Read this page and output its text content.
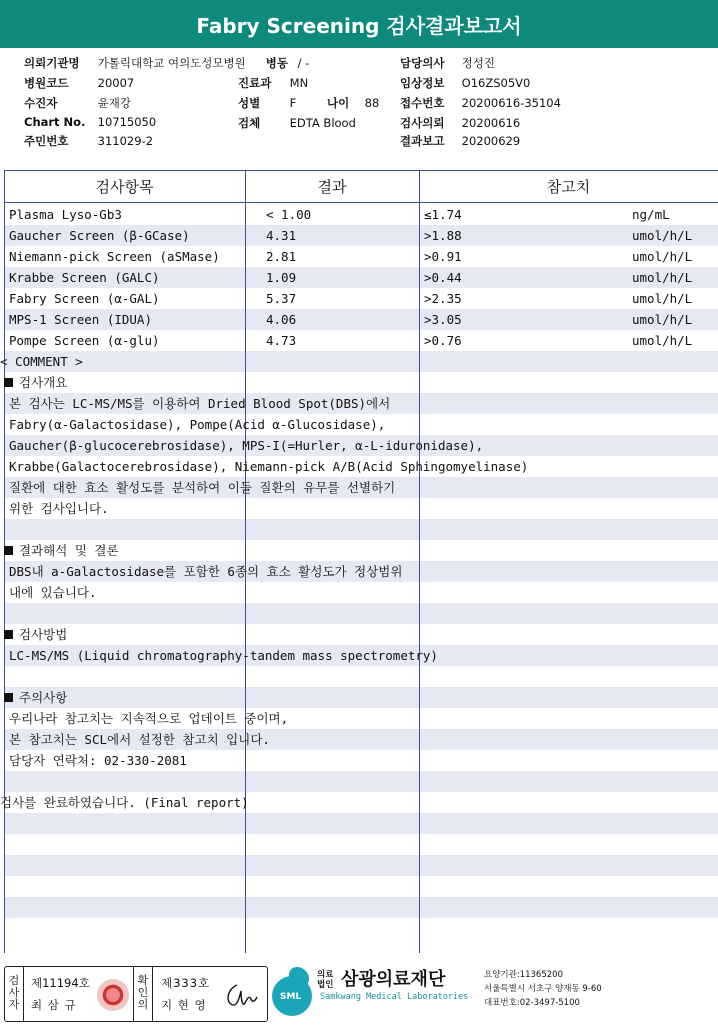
Fabry Screening 검사결과보고서
의뢰기관명 가톨릭대학교 여의도성모병원	병동 / -	담당의사 정성진
병원코드	20007	진료과 MN	임상정보 O16ZS05V0
수진자	윤재강	성별	F	나이 88 접수번호 20200616-35104
Chart No. 10715050	검체	EDTA Blood	검사의뢰 20200616
주민번호	311029-2	결과보고 20200629
검사항목	결과	참고치
Plasma Lyso-Gb3	< 1.00	≤1.74	ng/mL
Gaucher Screen (β-GCase)	4.31	>1.88	umol/h/L
Niemann-pick Screen (aSMase)	2.81	>0.91	umol/h/L
Krabbe Screen (GALC)	1.09	>0.44	umol/h/L
Fabry Screen (α-GAL)	5.37	>2.35	umol/h/L
MPS-1 Screen (IDUA)	4.06	>3.05	umol/h/L
Pompe Screen (α-glu)	4.73	>0.76	umol/h/L
< COMMENT >
검사개요
본 검사는 LC-MS/MS를 이용하여 Dried Blood Spot(DBS)에서
Fabry(α-Galactosidase), Pompe(Acid α-Glucosidase),
Gaucher(β-glucocerebrosidase), MPS-I(=Hurler, α-L-iduronidase),
Krabbe(Galactocerebrosidase), Niemann-pick A/B(Acid Sphingomyelinase)
질환에 대한 효소 활성도를 분석하여 이들 질환의 유무를 선별하기
위한 검사입니다.
결과해석 및 결론
DBS내 a-Galactosidase를 포함한 6종의 효소 활성도가 정상범위
내에 있습니다.
검사방법
LC-MS/MS (Liquid chromatography-tandem mass spectrometry)
주의사항
우리나라 참고치는 지속적으로 업데이트 중이며,
본 참고치는 SCL에서 설정한 참고치 입니다.
담당자 연락처: 02-330-2081
검사를 완료하였습니다. (Final report)
검사자
제11194호
최 삼 규
확인의
제333호
지 현 영
SML
의료
법인 삼광의료재단
Samkwang Medical Laboratories
요양기관:11365200
서울특별시 서초구 양재동 9-60
대표번호:02-3497-5100
